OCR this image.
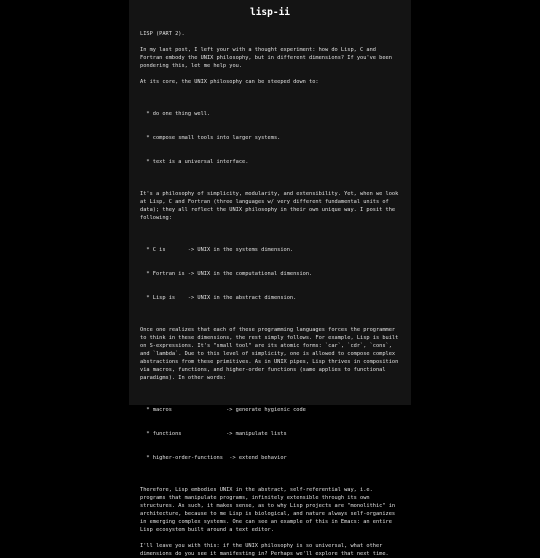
lisp-ii
LISP (PART 2).
In my last post, I left your with a thought experiment: how do Lisp, C and Fortran embody the UNIX philosophy, but in different dimensions? If you've been pondering this, let me help you.
At its core, the UNIX philosophy can be steeped down to:

* do one thing well.

* compose small tools into larger systems.

* text is a universal interface.

It's a philosophy of simplicity, modularity, and extensibility. Yet, when we look at Lisp, C and Fortran (three languages w/ very different fundamental units of data); they all reflect the UNIX philosophy in their own unique way. I posit the following:

* C is       -> UNIX in the systems dimension.

* Fortran is -> UNIX in the computational dimension.

* Lisp is    -> UNIX in the abstract dimension.

Once one realizes that each of these programming languages forces the programmer to think in these dimensions, the rest simply follows. For example, Lisp is built on S-expressions. It's "small tool" are its atomic forms: `car`, `cdr`, `cons`, and `lambda`. Due to this level of simplicity, one is allowed to compose complex abstractions from these primitives. As in UNIX pipes, Lisp thrives in composition via macros, functions, and higher-order functions (same applies to functional paradigms). In other words:

* macros                 -> generate hygienic code

* functions              -> manipulate lists

* higher-order-functions  -> extend behavior

Therefore, Lisp embodies UNIX in the abstract, self-referential way, i.e. programs that manipulate programs, infinitely extensible through its own structures. As such, it makes sense, as to why Lisp projects are "monolithic" in architecture, because to me Lisp is biological, and nature always self-organizes in emerging complex systems. One can see an example of this in Emacs: an entire Lisp ecosystem built around a text editor.
I'll leave you with this: if the UNIX philosophy is so universal, what other dimensions do you see it manifesting in? Perhaps we'll explore that next time.
